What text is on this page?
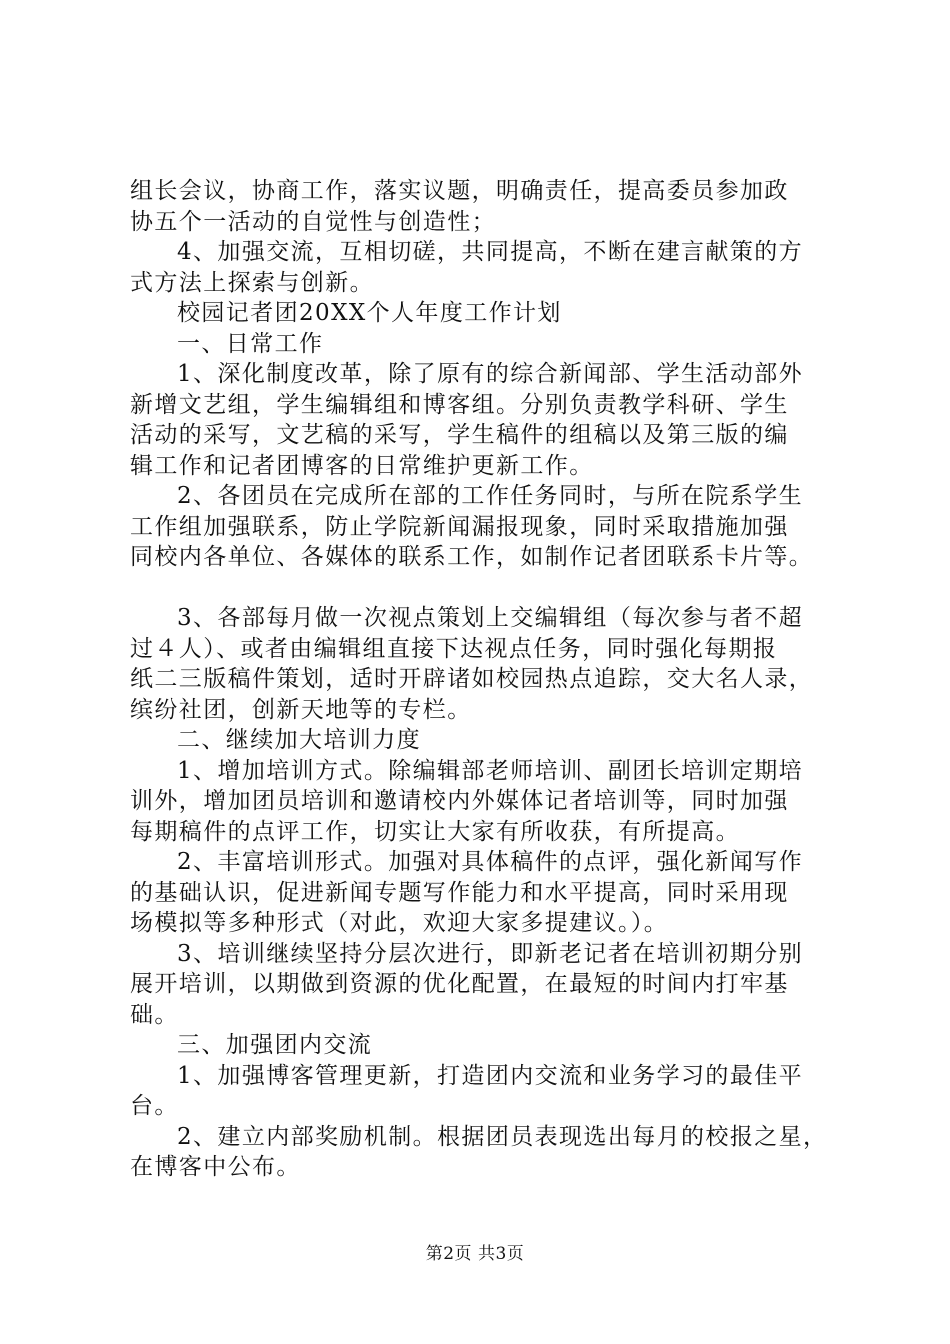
组长会议，协商工作，落实议题，明确责任，提高委员参加政
协五个一活动的自觉性与创造性；
4、加强交流，互相切磋，共同提高，不断在建言献策的方
式方法上探索与创新。
校园记者团20XX个人年度工作计划
一、日常工作
1、深化制度改革，除了原有的综合新闻部、学生活动部外
新增文艺组，学生编辑组和博客组。分别负责教学科研、学生
活动的采写，文艺稿的采写，学生稿件的组稿以及第三版的编
辑工作和记者团博客的日常维护更新工作。
2、各团员在完成所在部的工作任务同时，与所在院系学生
工作组加强联系，防止学院新闻漏报现象，同时采取措施加强
同校内各单位、各媒体的联系工作，如制作记者团联系卡片等。
3、各部每月做一次视点策划上交编辑组（每次参与者不超
过４人）、或者由编辑组直接下达视点任务，同时强化每期报
纸二三版稿件策划，适时开辟诸如校园热点追踪，交大名人录，
缤纷社团，创新天地等的专栏。
二、继续加大培训力度
1、增加培训方式。除编辑部老师培训、副团长培训定期培
训外，增加团员培训和邀请校内外媒体记者培训等，同时加强
每期稿件的点评工作，切实让大家有所收获，有所提高。
2、丰富培训形式。加强对具体稿件的点评，强化新闻写作
的基础认识，促进新闻专题写作能力和水平提高，同时采用现
场模拟等多种形式（对此，欢迎大家多提建议。）。
3、培训继续坚持分层次进行，即新老记者在培训初期分别
展开培训，以期做到资源的优化配置，在最短的时间内打牢基
础。
三、加强团内交流
1、加强博客管理更新，打造团内交流和业务学习的最佳平
台。
2、建立内部奖励机制。根据团员表现选出每月的校报之星，
在博客中公布。
第2页 共3页
